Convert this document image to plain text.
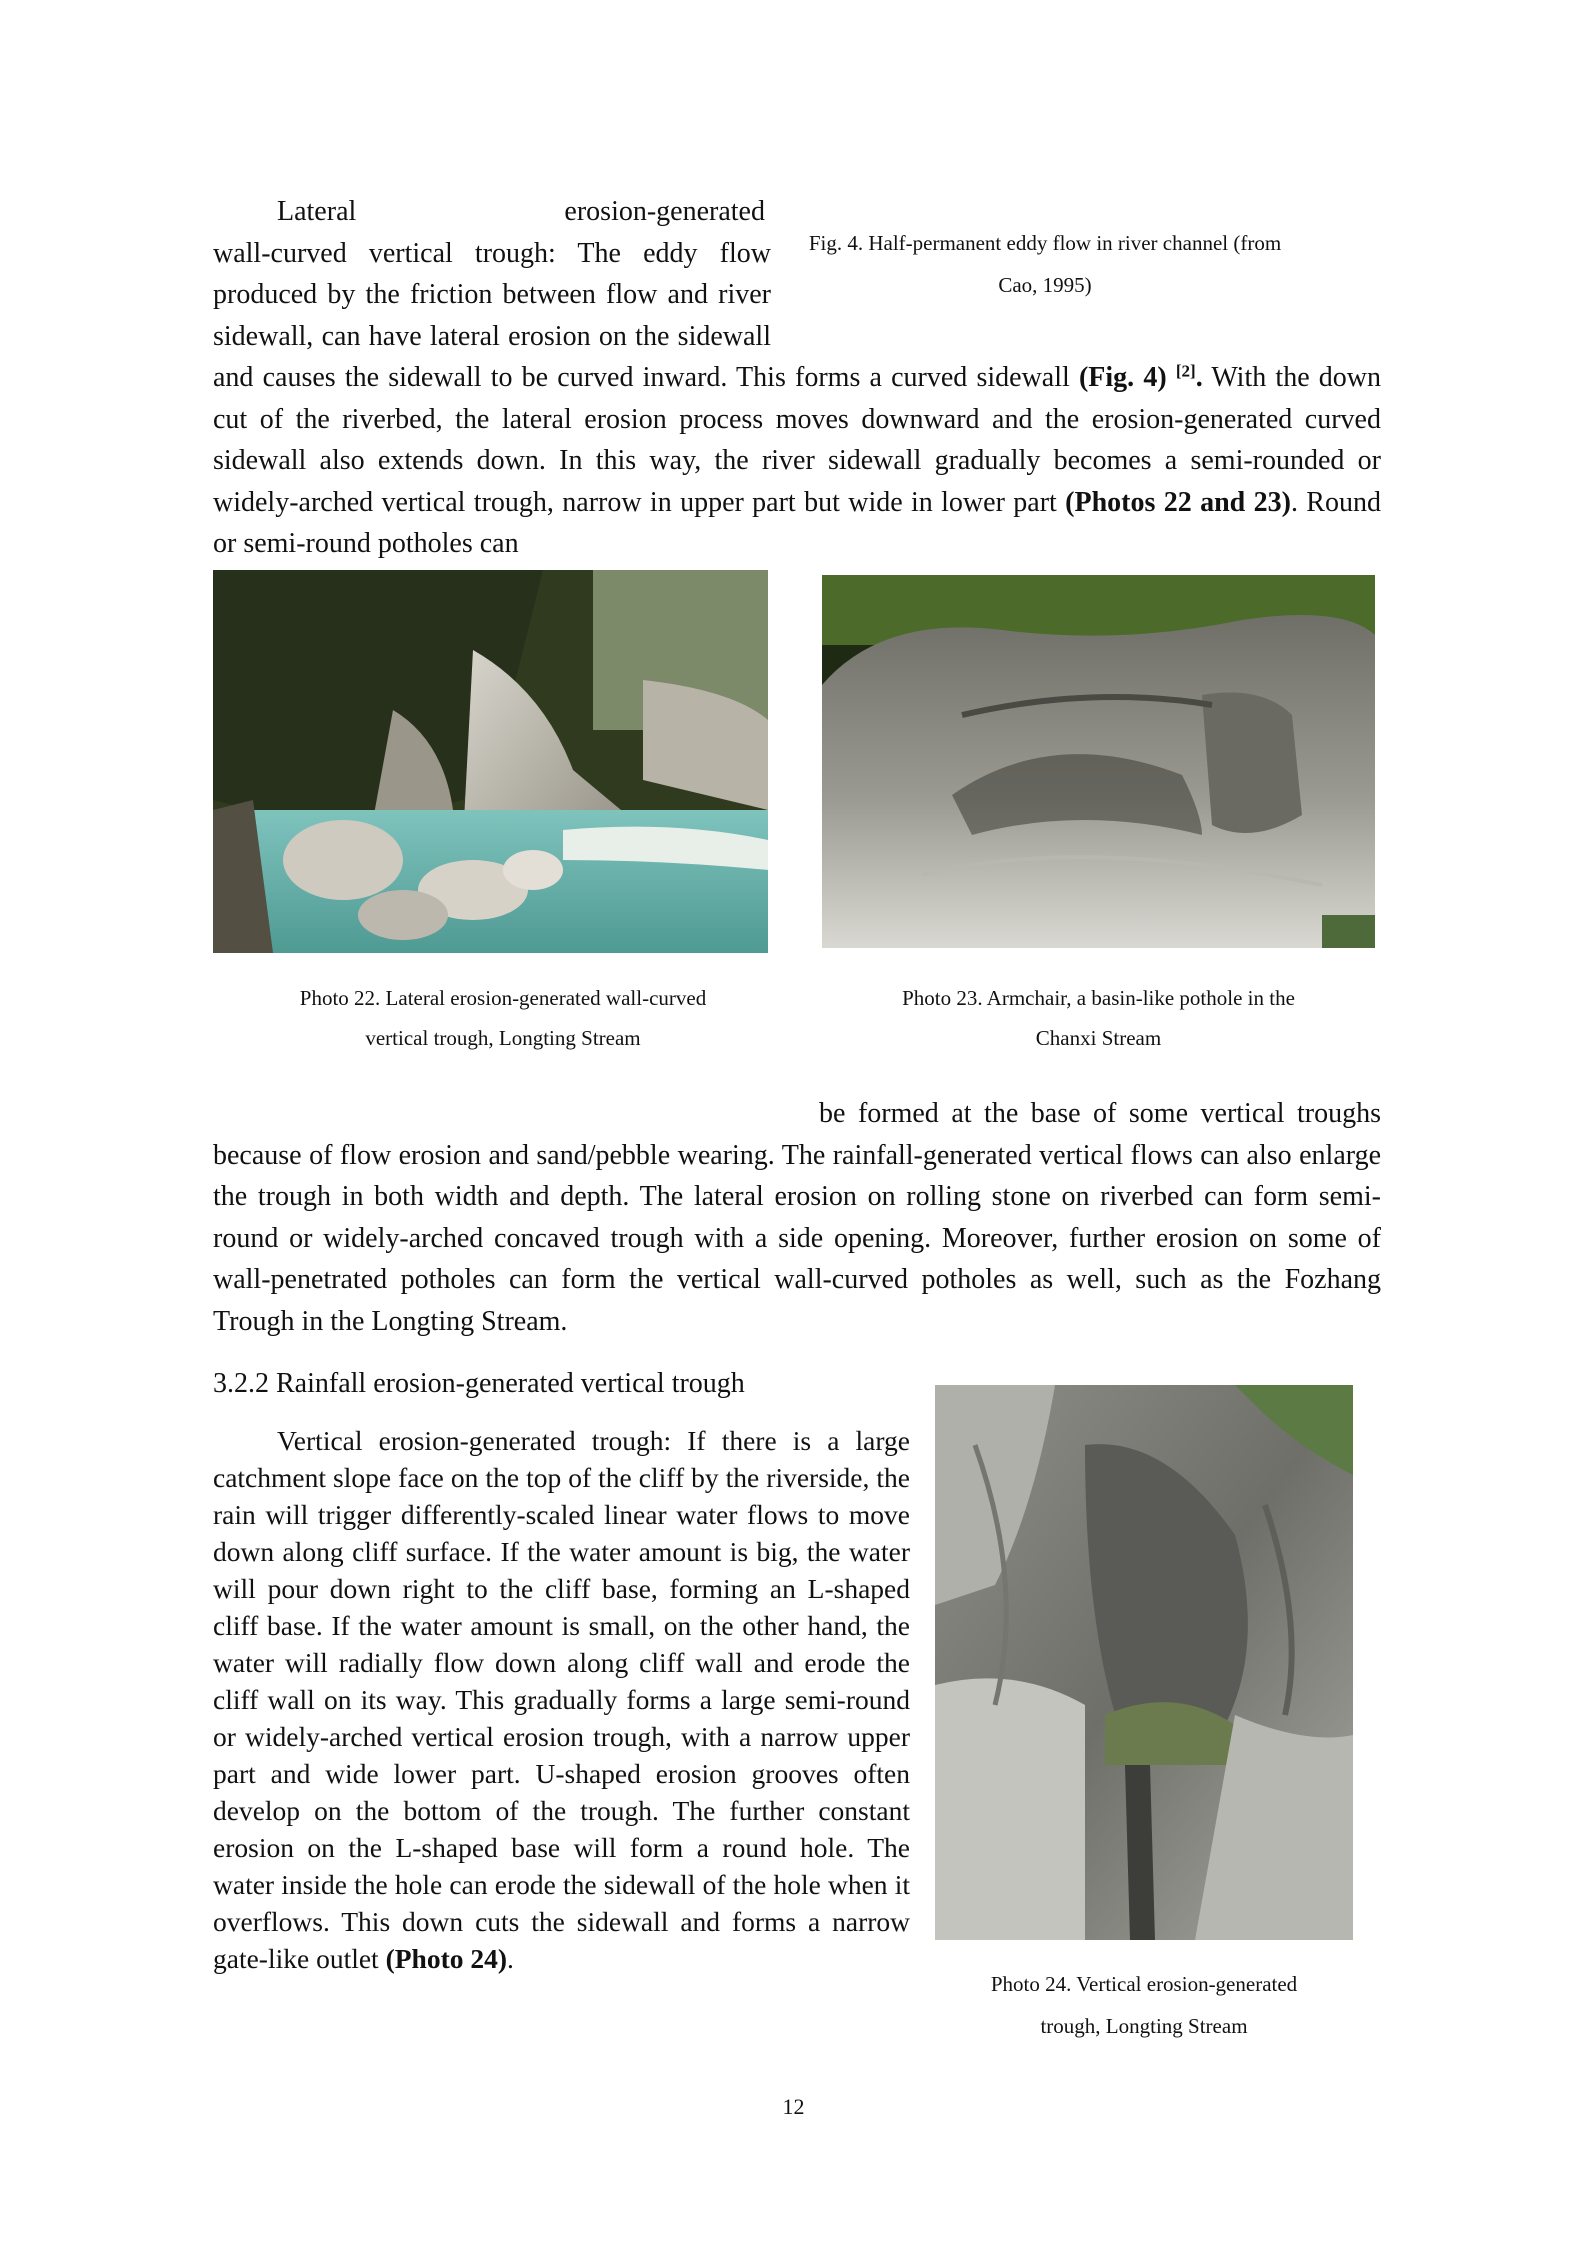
Fig. 4. Half-permanent eddy flow in river channel (from
Cao, 1995)
Lateral	erosion-generated
wall-curved vertical trough: The eddy flow produced by the friction between flow and river sidewall, can have lateral erosion on the sidewall and causes the sidewall to be curved inward. This forms a curved sidewall (Fig. 4) [2]. With the down cut of the riverbed, the lateral erosion process moves downward and the erosion-generated curved sidewall also extends down. In this way, the river sidewall gradually becomes a semi-rounded or widely-arched vertical trough, narrow in upper part but wide in lower part (Photos 22 and 23). Round or semi-round potholes can
Photo 22. Lateral erosion-generated wall-curved
vertical trough, Longting Stream
Photo 23. Armchair, a basin-like pothole in the
Chanxi Stream
be formed at the base of some vertical troughs because of flow erosion and sand/pebble wearing. The rainfall-generated vertical flows can also enlarge the trough in both width and depth. The lateral erosion on rolling stone on riverbed can form semi-round or widely-arched concaved trough with a side opening. Moreover, further erosion on some of wall-penetrated potholes can form the vertical wall-curved potholes as well, such as the Fozhang Trough in the Longting Stream.
3.2.2 Rainfall erosion-generated vertical trough
Vertical erosion-generated trough: If there is a large catchment slope face on the top of the cliff by the riverside, the rain will trigger differently-scaled linear water flows to move down along cliff surface. If the water amount is big, the water will pour down right to the cliff base, forming an L-shaped cliff base. If the water amount is small, on the other hand, the water will radially flow down along cliff wall and erode the cliff wall on its way. This gradually forms a large semi-round or widely-arched vertical erosion trough, with a narrow upper part and wide lower part. U-shaped erosion grooves often develop on the bottom of the trough. The further constant erosion on the L-shaped base will form a round hole. The water inside the hole can erode the sidewall of the hole when it overflows. This down cuts the sidewall and forms a narrow gate-like outlet (Photo 24).
Photo 24. Vertical erosion-generated
trough, Longting Stream
12
